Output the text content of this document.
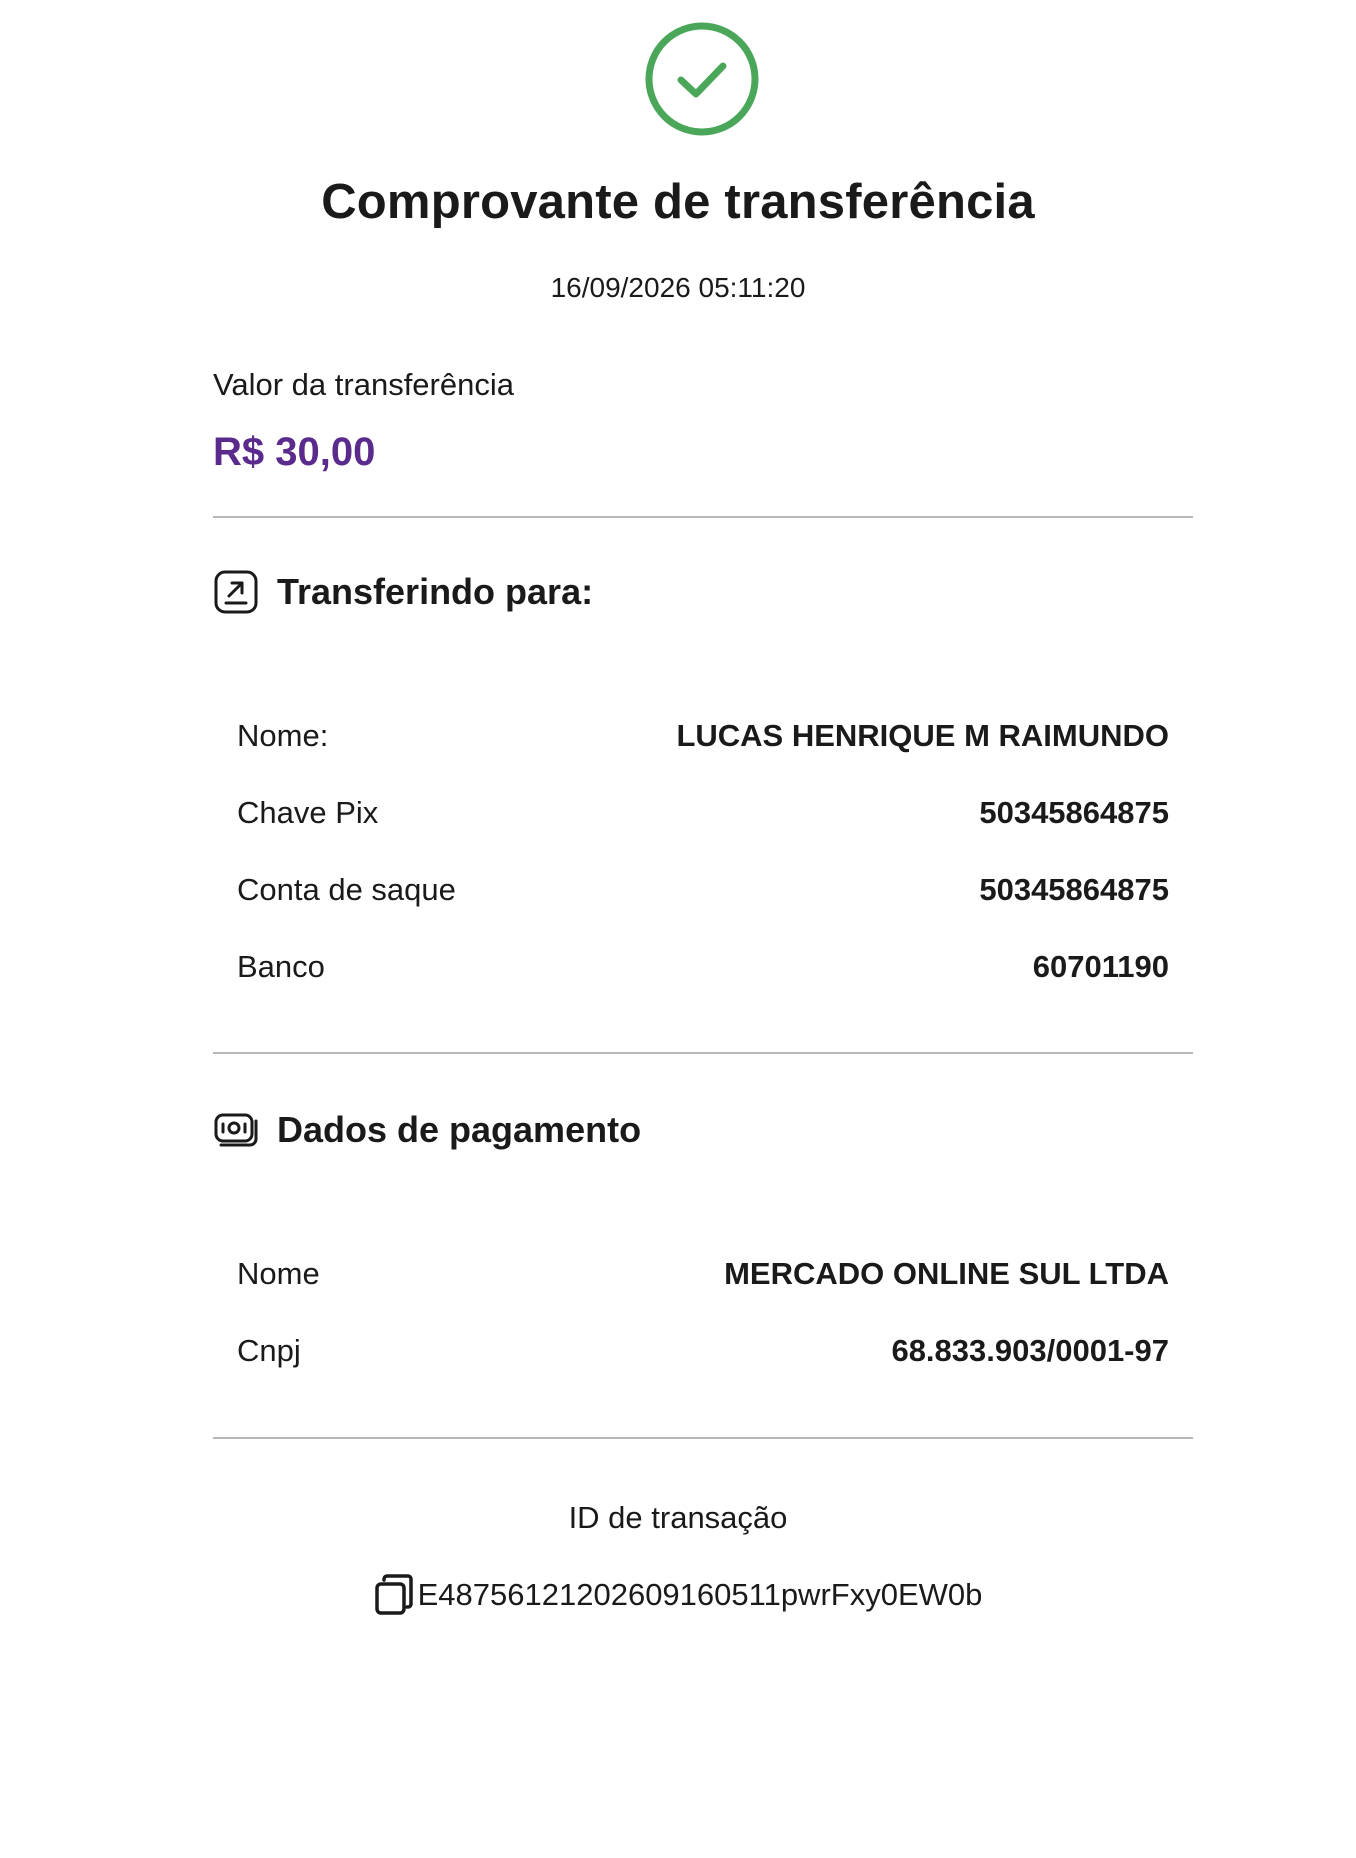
Comprovante de transferência
16/09/2026 05:11:20
Valor da transferência
R$ 30,00
Transferindo para:
Nome:	LUCAS HENRIQUE M RAIMUNDO
Chave Pix	50345864875
Conta de saque	50345864875
Banco	60701190
Dados de pagamento
Nome	MERCADO ONLINE SUL LTDA
Cnpj	68.833.903/0001-97
ID de transação
E48756121202609160511pwrFxy0EW0b
